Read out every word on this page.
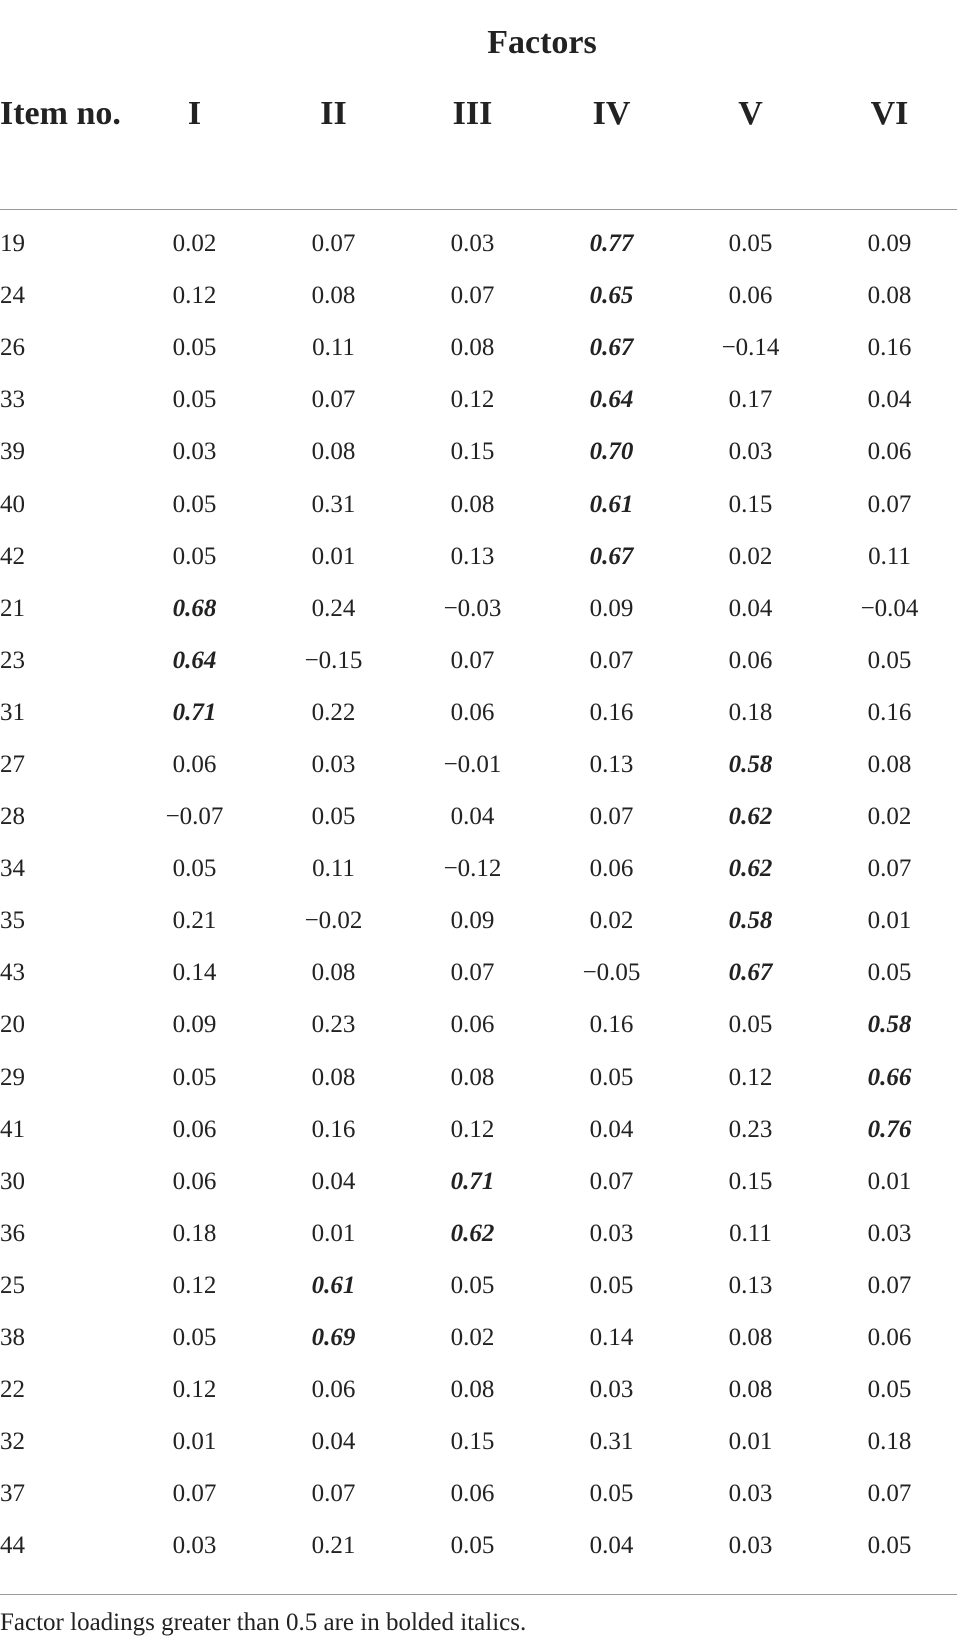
	Factors					
Item no.	I	II	III	IV	V	VI
19	0.02	0.07	0.03	0.77	0.05	0.09
24	0.12	0.08	0.07	0.65	0.06	0.08
26	0.05	0.11	0.08	0.67	−0.14	0.16
33	0.05	0.07	0.12	0.64	0.17	0.04
39	0.03	0.08	0.15	0.70	0.03	0.06
40	0.05	0.31	0.08	0.61	0.15	0.07
42	0.05	0.01	0.13	0.67	0.02	0.11
21	0.68	0.24	−0.03	0.09	0.04	−0.04
23	0.64	−0.15	0.07	0.07	0.06	0.05
31	0.71	0.22	0.06	0.16	0.18	0.16
27	0.06	0.03	−0.01	0.13	0.58	0.08
28	−0.07	0.05	0.04	0.07	0.62	0.02
34	0.05	0.11	−0.12	0.06	0.62	0.07
35	0.21	−0.02	0.09	0.02	0.58	0.01
43	0.14	0.08	0.07	−0.05	0.67	0.05
20	0.09	0.23	0.06	0.16	0.05	0.58
29	0.05	0.08	0.08	0.05	0.12	0.66
41	0.06	0.16	0.12	0.04	0.23	0.76
30	0.06	0.04	0.71	0.07	0.15	0.01
36	0.18	0.01	0.62	0.03	0.11	0.03
25	0.12	0.61	0.05	0.05	0.13	0.07
38	0.05	0.69	0.02	0.14	0.08	0.06
22	0.12	0.06	0.08	0.03	0.08	0.05
32	0.01	0.04	0.15	0.31	0.01	0.18
37	0.07	0.07	0.06	0.05	0.03	0.07
44	0.03	0.21	0.05	0.04	0.03	0.05
Factor loadings greater than 0.5 are in bolded italics.
